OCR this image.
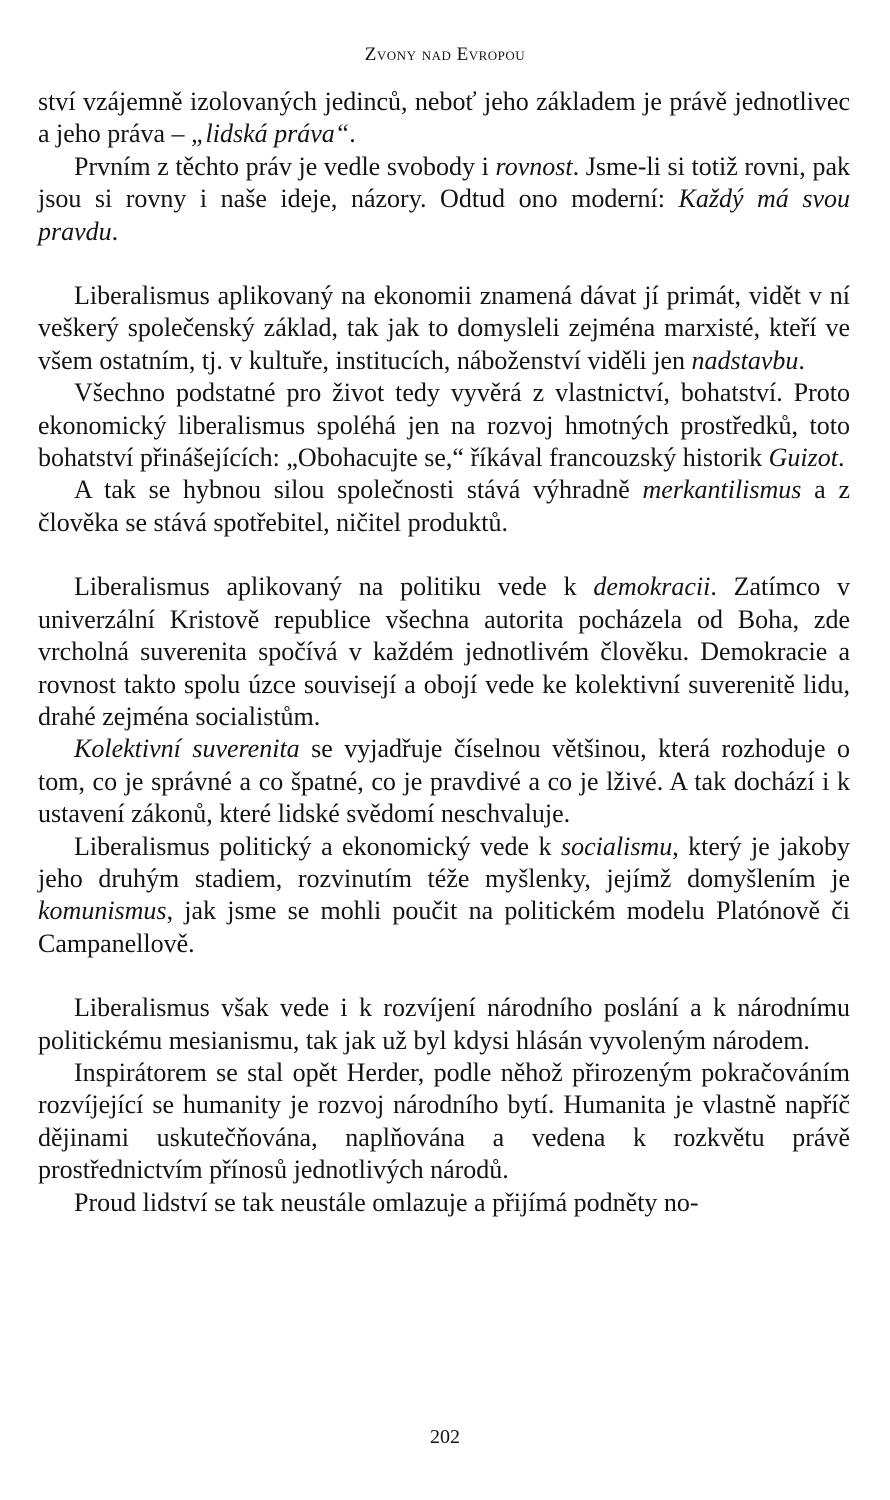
Zvony nad Evropou

ství vzájemně izolovaných jedinců, neboť jeho základem je právě jednotlivec a jeho práva – „lidská práva“.

Prvním z těchto práv je vedle svobody i rovnost. Jsme-li si totiž rovni, pak jsou si rovny i naše ideje, názory. Odtud ono moderní: Každý má svou pravdu.

Liberalismus aplikovaný na ekonomii znamená dávat jí primát, vidět v ní veškerý společenský základ, tak jak to domysleli zejména marxisté, kteří ve všem ostatním, tj. v kultuře, institucích, náboženství viděli jen nadstavbu.

Všechno podstatné pro život tedy vyvěrá z vlastnictví, bohatství. Proto ekonomický liberalismus spoléhá jen na rozvoj hmotných prostředků, toto bohatství přinášejících: „Obohacujte se,“ říkával francouzský historik Guizot.

A tak se hybnou silou společnosti stává výhradně merkantilismus a z člověka se stává spotřebitel, ničitel produktů.

Liberalismus aplikovaný na politiku vede k demokracii. Zatímco v univerzální Kristově republice všechna autorita pocházela od Boha, zde vrcholná suverenita spočívá v každém jednotlivém člověku. Demokracie a rovnost takto spolu úzce souvisejí a obojí vede ke kolektivní suverenitě lidu, drahé zejména socialistům.

Kolektivní suverenita se vyjadřuje číselnou většinou, která rozhoduje o tom, co je správné a co špatné, co je pravdivé a co je lživé. A tak dochází i k ustavení zákonů, které lidské svědomí neschvaluje.

Liberalismus politický a ekonomický vede k socialismu, který je jakoby jeho druhým stadiem, rozvinutím téže myšlenky, jejímž domyšlením je komunismus, jak jsme se mohli poučit na politickém modelu Platónově či Campanellově.

Liberalismus však vede i k rozvíjení národního poslání a k národnímu politickému mesianismu, tak jak už byl kdysi hlásán vyvoleným národem.

Inspirátorem se stal opět Herder, podle něhož přirozeným pokračováním rozvíjející se humanity je rozvoj národního bytí. Humanita je vlastně napříč dějinami uskutečňována, naplňována a vedena k rozkvětu právě prostřednictvím přínosů jednotlivých národů.

Proud lidství se tak neustále omlazuje a přijímá podněty no-

202
